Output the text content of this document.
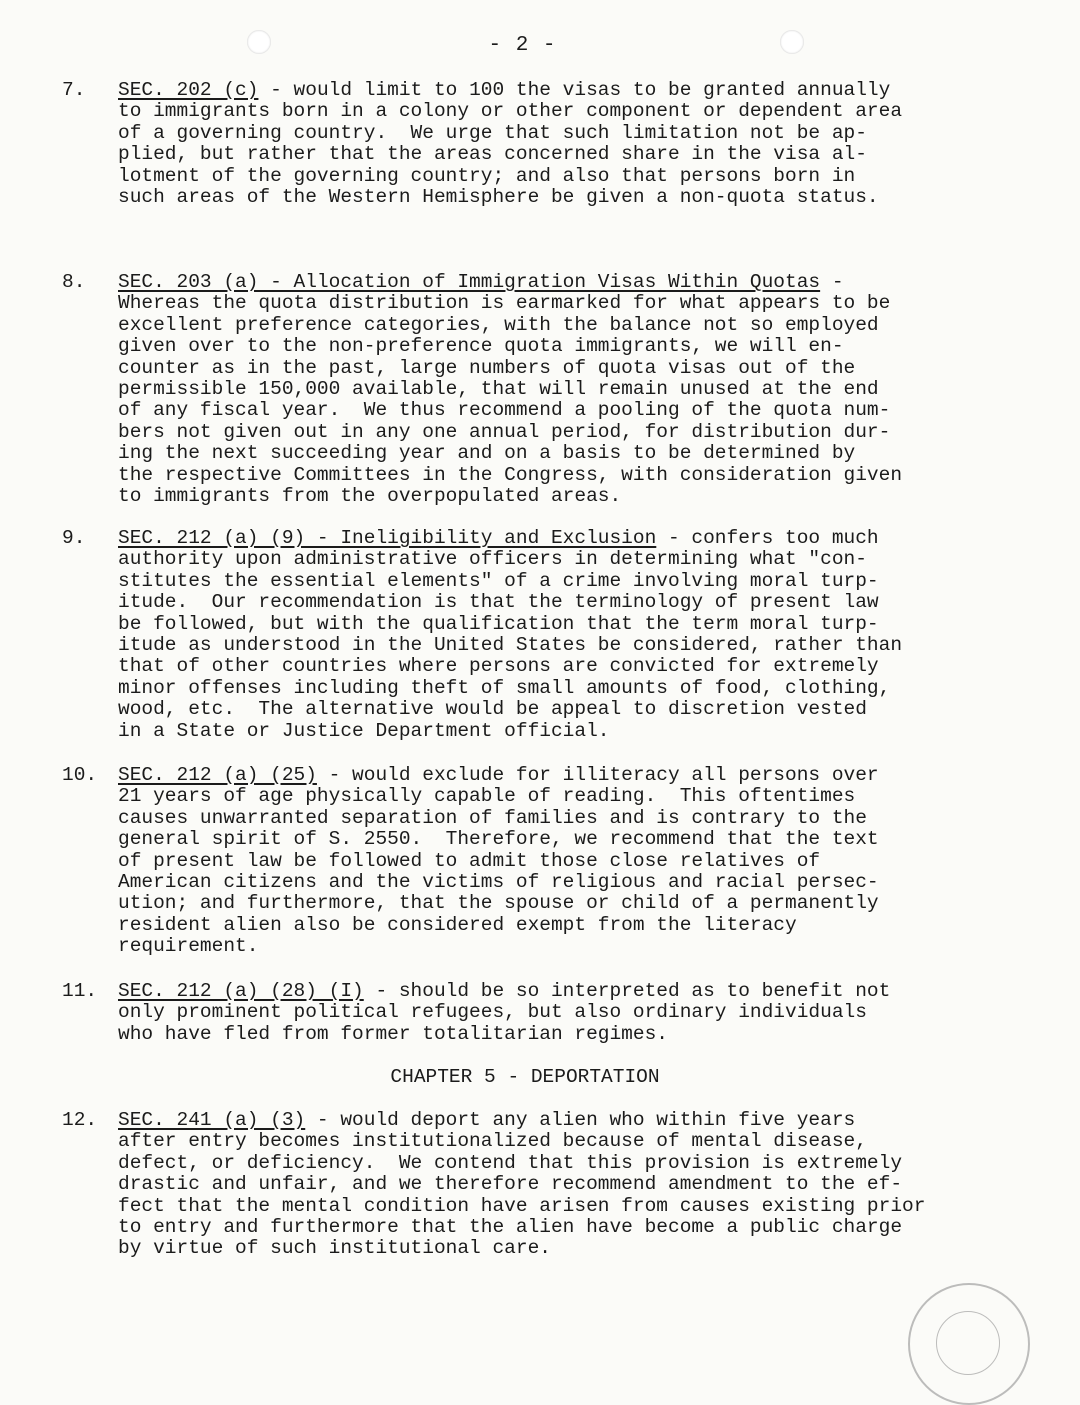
- 2 -
7.	SEC. 202 (c) - would limit to 100 the visas to be granted annually
to immigrants born in a colony or other component or dependent area
of a governing country.  We urge that such limitation not be ap-
plied, but rather that the areas concerned share in the visa al-
lotment of the governing country; and also that persons born in
such areas of the Western Hemisphere be given a non-quota status.
8.	SEC. 203 (a) - Allocation of Immigration Visas Within Quotas -
Whereas the quota distribution is earmarked for what appears to be
excellent preference categories, with the balance not so employed
given over to the non-preference quota immigrants, we will en-
counter as in the past, large numbers of quota visas out of the
permissible 150,000 available, that will remain unused at the end
of any fiscal year.  We thus recommend a pooling of the quota num-
bers not given out in any one annual period, for distribution dur-
ing the next succeeding year and on a basis to be determined by
the respective Committees in the Congress, with consideration given
to immigrants from the overpopulated areas.
9.	SEC. 212 (a) (9) - Ineligibility and Exclusion - confers too much
authority upon administrative officers in determining what "con-
stitutes the essential elements" of a crime involving moral turp-
itude.  Our recommendation is that the terminology of present law
be followed, but with the qualification that the term moral turp-
itude as understood in the United States be considered, rather than
that of other countries where persons are convicted for extremely
minor offenses including theft of small amounts of food, clothing,
wood, etc.  The alternative would be appeal to discretion vested
in a State or Justice Department official.
10.	SEC. 212 (a) (25) - would exclude for illiteracy all persons over
21 years of age physically capable of reading.  This oftentimes
causes unwarranted separation of families and is contrary to the
general spirit of S. 2550.  Therefore, we recommend that the text
of present law be followed to admit those close relatives of
American citizens and the victims of religious and racial persec-
ution; and furthermore, that the spouse or child of a permanently
resident alien also be considered exempt from the literacy
requirement.
11.	SEC. 212 (a) (28) (I) - should be so interpreted as to benefit not
only prominent political refugees, but also ordinary individuals
who have fled from former totalitarian regimes.
CHAPTER 5 - DEPORTATION
12.	SEC. 241 (a) (3) - would deport any alien who within five years
after entry becomes institutionalized because of mental disease,
defect, or deficiency.  We contend that this provision is extremely
drastic and unfair, and we therefore recommend amendment to the ef-
fect that the mental condition have arisen from causes existing prior
to entry and furthermore that the alien have become a public charge
by virtue of such institutional care.
